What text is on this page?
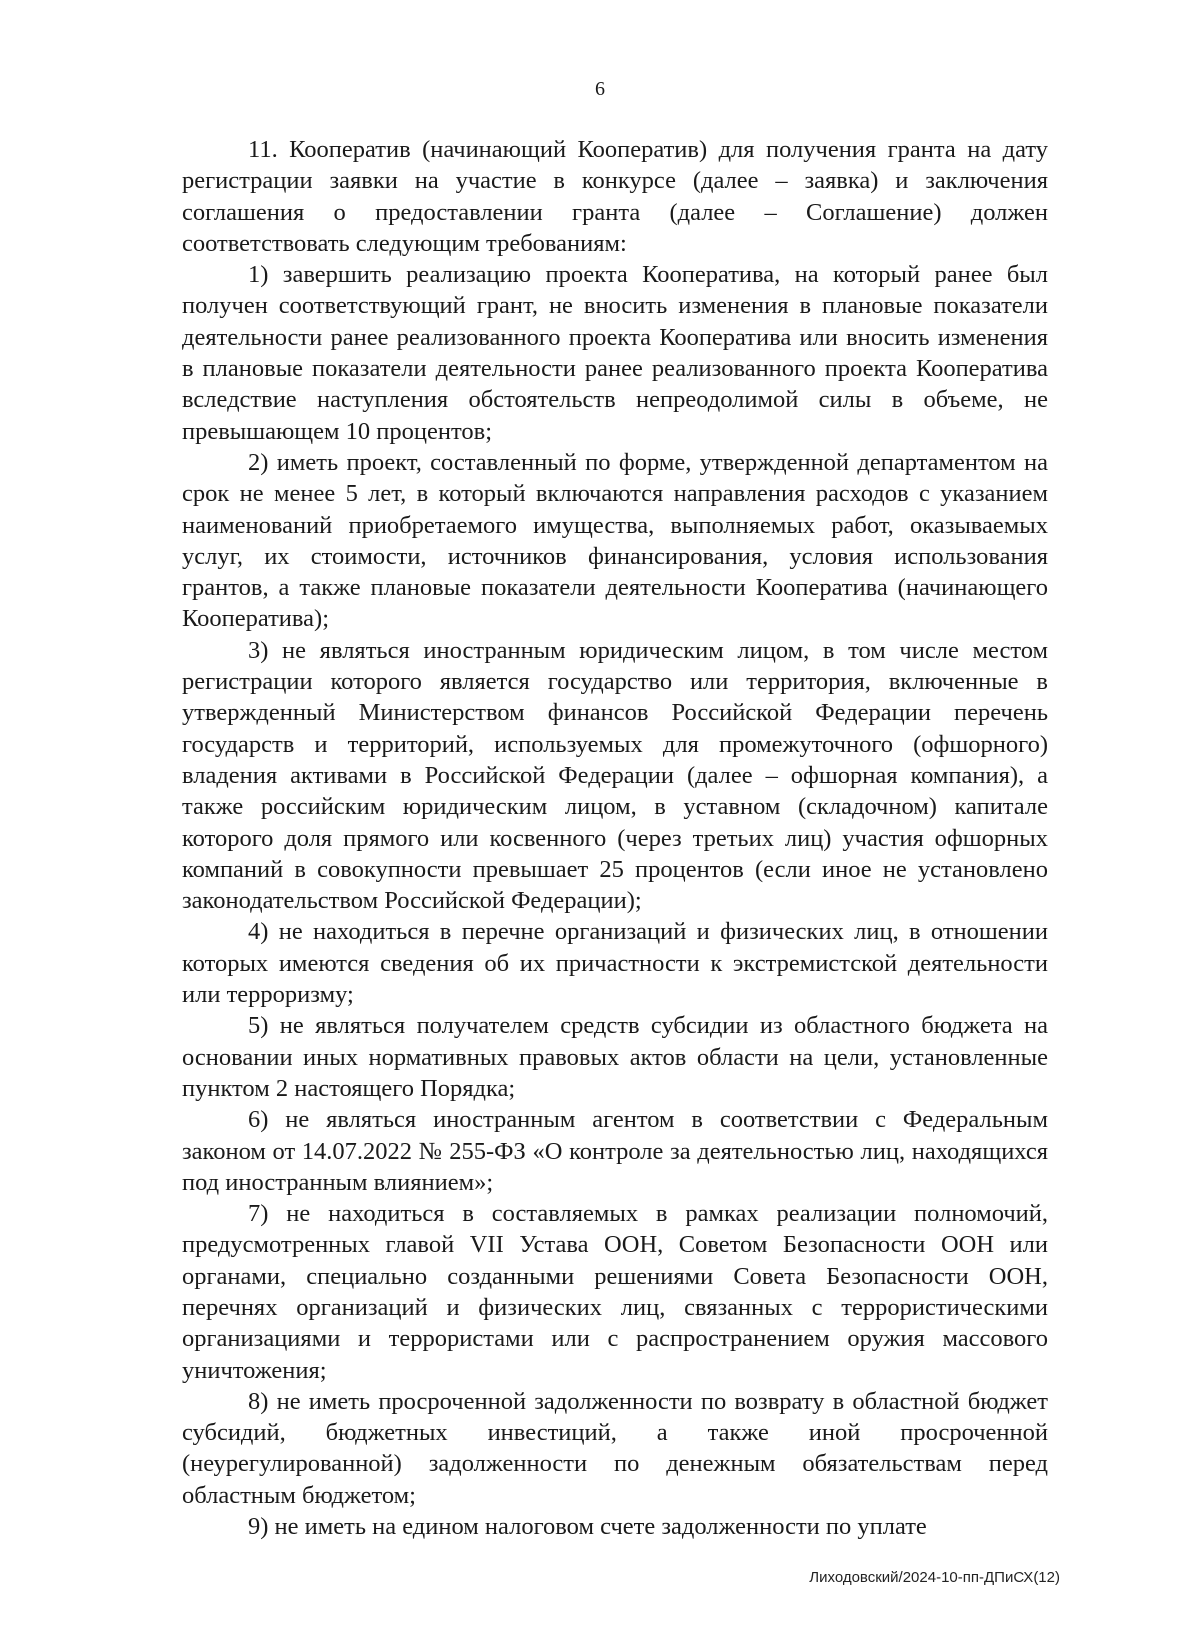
6

11. Кооператив (начинающий Кооператив) для получения гранта на дату регистрации заявки на участие в конкурсе (далее – заявка) и заключения соглашения о предоставлении гранта (далее – Соглашение) должен соответствовать следующим требованиям:

1) завершить реализацию проекта Кооператива, на который ранее был получен соответствующий грант, не вносить изменения в плановые показатели деятельности ранее реализованного проекта Кооператива или вносить изменения в плановые показатели деятельности ранее реализованного проекта Кооператива вследствие наступления обстоятельств непреодолимой силы в объеме, не превышающем 10 процентов;

2) иметь проект, составленный по форме, утвержденной департаментом на срок не менее 5 лет, в который включаются направления расходов с указанием наименований приобретаемого имущества, выполняемых работ, оказываемых услуг, их стоимости, источников финансирования, условия использования грантов, а также плановые показатели деятельности Кооператива (начинающего Кооператива);

3) не являться иностранным юридическим лицом, в том числе местом регистрации которого является государство или территория, включенные в утвержденный Министерством финансов Российской Федерации перечень государств и территорий, используемых для промежуточного (офшорного) владения активами в Российской Федерации (далее – офшорная компания), а также российским юридическим лицом, в уставном (складочном) капитале которого доля прямого или косвенного (через третьих лиц) участия офшорных компаний в совокупности превышает 25 процентов (если иное не установлено законодательством Российской Федерации);

4) не находиться в перечне организаций и физических лиц, в отношении которых имеются сведения об их причастности к экстремистской деятельности или терроризму;

5) не являться получателем средств субсидии из областного бюджета на основании иных нормативных правовых актов области на цели, установленные пунктом 2 настоящего Порядка;

6) не являться иностранным агентом в соответствии с Федеральным законом от 14.07.2022 № 255-ФЗ «О контроле за деятельностью лиц, находящихся под иностранным влиянием»;

7) не находиться в составляемых в рамках реализации полномочий, предусмотренных главой VII Устава ООН, Советом Безопасности ООН или органами, специально созданными решениями Совета Безопасности ООН, перечнях организаций и физических лиц, связанных с террористическими организациями и террористами или с распространением оружия массового уничтожения;

8) не иметь просроченной задолженности по возврату в областной бюджет субсидий, бюджетных инвестиций, а также иной просроченной (неурегулированной) задолженности по денежным обязательствам перед областным бюджетом;

9) не иметь на едином налоговом счете задолженности по уплате

Лиходовский/2024-10-пп-ДПиСХ(12)
